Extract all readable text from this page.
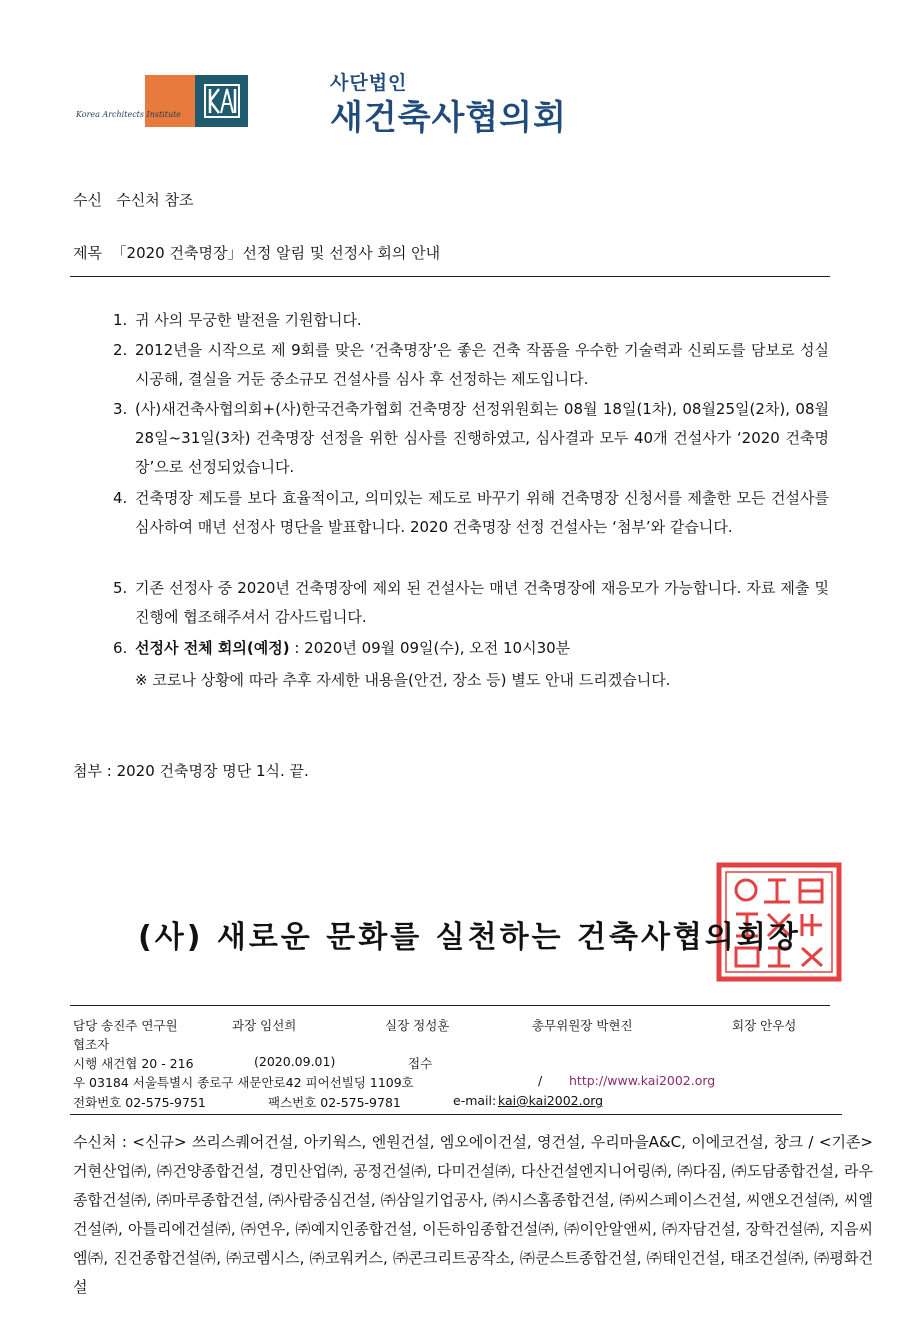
Korea Architects Institute
사단법인
새건축사협의회
수신 수신처 참조
제목 「2020 건축명장」선정 알림 및 선정사 회의 안내
1. 귀 사의 무궁한 발전을 기원합니다.
2. 2012년을 시작으로 제 9회를 맞은 ‘건축명장’은 좋은 건축 작품을 우수한 기술력과 신뢰도를 담보로 성실 시공해, 결실을 거둔 중소규모 건설사를 심사 후 선정하는 제도입니다.
3. (사)새건축사협의회+(사)한국건축가협회 건축명장 선정위원회는 08월 18일(1차), 08월25일(2차), 08월 28일~31일(3차) 건축명장 선정을 위한 심사를 진행하였고, 심사결과 모두 40개 건설사가 ‘2020 건축명장’으로 선정되었습니다.
4. 건축명장 제도를 보다 효율적이고, 의미있는 제도로 바꾸기 위해 건축명장 신청서를 제출한 모든 건설사를 심사하여 매년 선정사 명단을 발표합니다. 2020 건축명장 선정 건설사는 ‘첨부’와 같습니다.
5. 기존 선정사 중 2020년 건축명장에 제외 된 건설사는 매년 건축명장에 재응모가 가능합니다. 자료 제출 및 진행에 협조해주셔서 감사드립니다.
6. 선정사 전체 회의(예정) : 2020년 09월 09일(수), 오전 10시30분
※ 코로나 상황에 따라 추후 자세한 내용을(안건, 장소 등) 별도 안내 드리겠습니다.
첨부 : 2020 건축명장 명단 1식. 끝.
(사) 새로운 문화를 실천하는 건축사협의회장
담당 송진주 연구원	과장 임선희	실장 정성훈	총무위원장 박현진	회장 안우성
협조자
시행 새건협 20 - 216	(2020.09.01)	접수
우 03184 서울특별시 종로구 새문안로42 피어선빌딩 1109호	/ http://www.kai2002.org
전화번호 02-575-9751	팩스번호 02-575-9781	e-mail: kai@kai2002.org
수신처 : <신규> 쓰리스퀘어건설, 아키웍스, 엔원건설, 엠오에이건설, 영건설, 우리마을A&C, 이에코건설, 창크 / <기존> 거현산업㈜, ㈜건양종합건설, 경민산업㈜, 공정건설㈜, 다미건설㈜, 다산건설엔지니어링㈜, ㈜다짐, ㈜도담종합건설, 라우종합건설㈜, ㈜마루종합건설, ㈜사람중심건설, ㈜삼일기업공사, ㈜시스홈종합건설, ㈜씨스페이스건설, 씨앤오건설㈜, 씨엘건설㈜, 아틀리에건설㈜, ㈜연우, ㈜예지인종합건설, 이든하임종합건설㈜, ㈜이안알앤씨, ㈜자담건설, 장학건설㈜, 지음씨엠㈜, 진건종합건설㈜, ㈜코렘시스, ㈜코워커스, ㈜콘크리트공작소, ㈜쿤스트종합건설, ㈜태인건설, 태조건설㈜, ㈜평화건설
